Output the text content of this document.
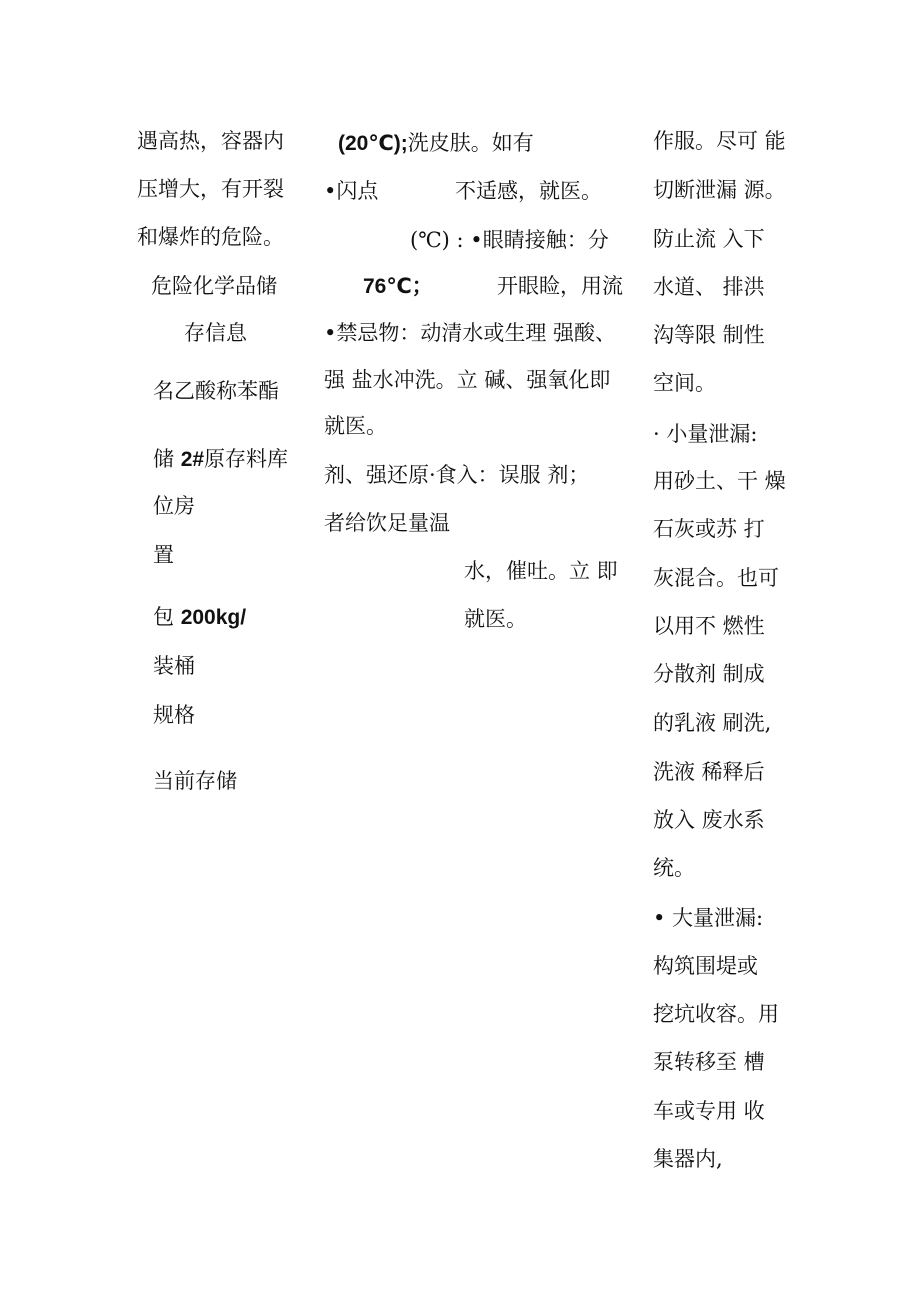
遇高热，容器内
压增大，有开裂
和爆炸的危险。
危险化学品储
存信息
名乙酸称苯酯
储 2#原存料库
位房
置
包 200kg/
装桶
规格
当前存储
(20℃);洗皮肤。如有
•闪点	不适感，就医。
(℃) : •眼睛接触：分
76℃；	开眼睑，用流
•禁忌物：动清水或生理 强酸、
强 盐水冲洗。立 碱、强氧化即
就医。
剂、强还原·食入：误服 剂；
者给饮足量温
水，催吐。立 即
就医。
作服。尽可 能
切断泄漏 源。
防止流 入下
水道、 排洪
沟等限 制性
空间。
· 小量泄漏:
用砂土、干 燥
石灰或苏 打
灰混合。也可
以用不 燃性
分散剂 制成
的乳液 刷洗,
洗液 稀释后
放入 废水系
统。
• 大量泄漏:
构筑围堤或
挖坑收容。用
泵转移至 槽
车或专用 收
集器内,
